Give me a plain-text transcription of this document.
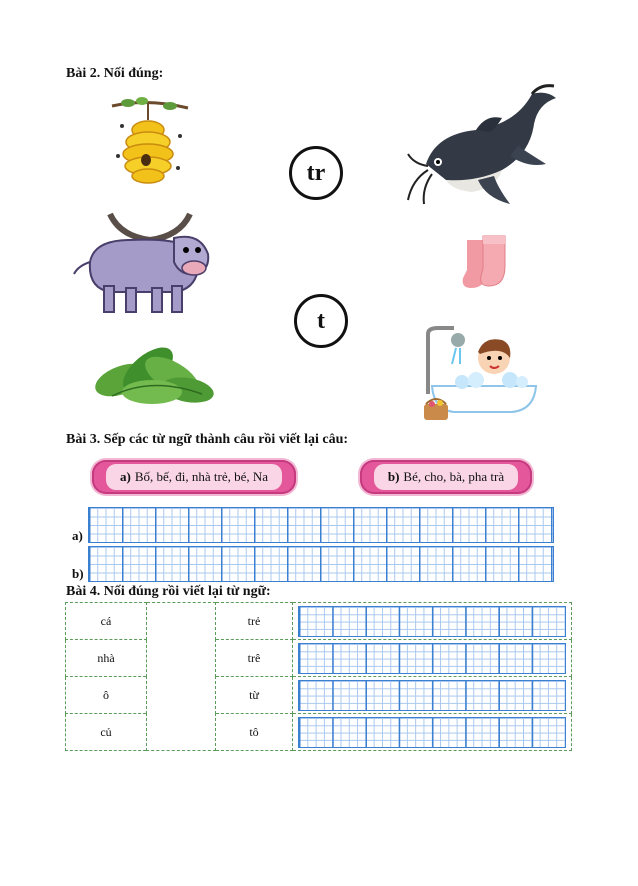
Bài 2. Nối đúng:
tr
t
Bài 3. Sếp các từ ngữ thành câu rồi viết lại câu:
a) Bố, bế, đi, nhà trẻ, bé, Na	b) Bé, cho, bà, pha trà
a)
b)
Bài 4. Nối đúng rồi viết lại từ ngữ:
cá		trẻ	

nhà		trê	

ô		từ	

củ		tô	
